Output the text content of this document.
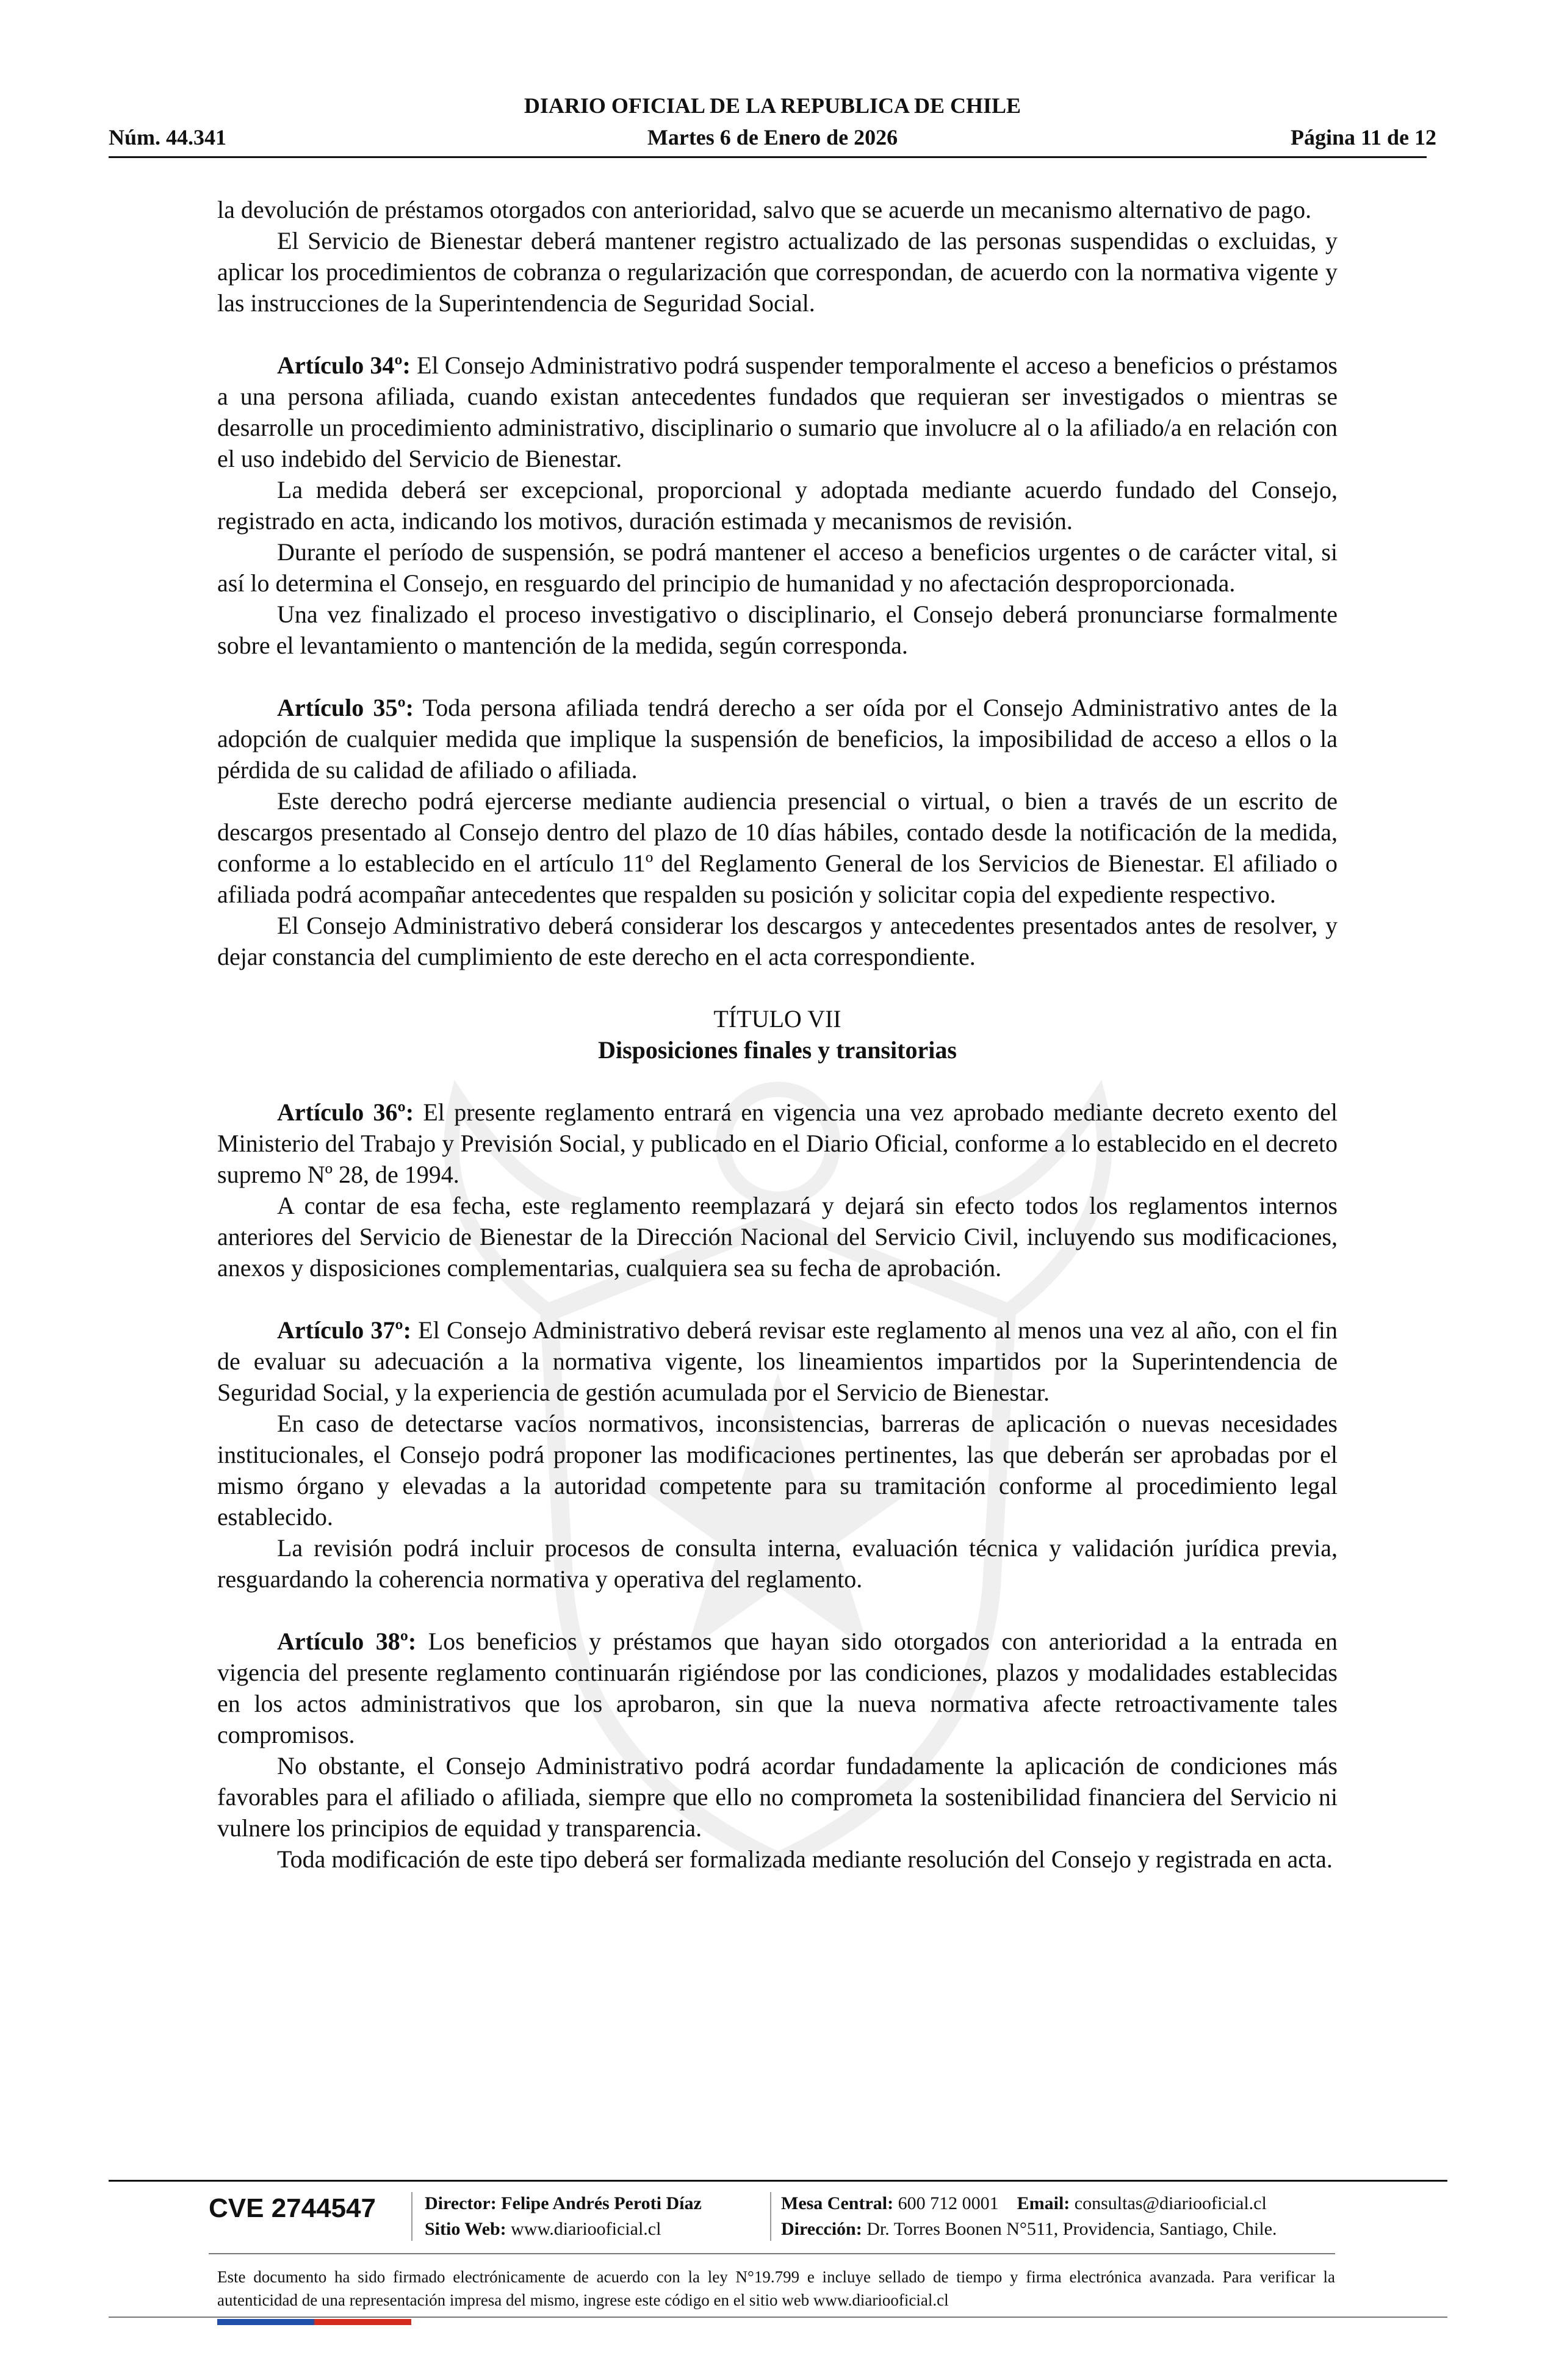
DIARIO OFICIAL DE LA REPUBLICA DE CHILE
Núm. 44.341	Martes 6 de Enero de 2026	Página 11 de 12

la devolución de préstamos otorgados con anterioridad, salvo que se acuerde un mecanismo alternativo de pago.

El Servicio de Bienestar deberá mantener registro actualizado de las personas suspendidas o excluidas, y aplicar los procedimientos de cobranza o regularización que correspondan, de acuerdo con la normativa vigente y las instrucciones de la Superintendencia de Seguridad Social.

Artículo 34º: El Consejo Administrativo podrá suspender temporalmente el acceso a beneficios o préstamos a una persona afiliada, cuando existan antecedentes fundados que requieran ser investigados o mientras se desarrolle un procedimiento administrativo, disciplinario o sumario que involucre al o la afiliado/a en relación con el uso indebido del Servicio de Bienestar.

La medida deberá ser excepcional, proporcional y adoptada mediante acuerdo fundado del Consejo, registrado en acta, indicando los motivos, duración estimada y mecanismos de revisión.

Durante el período de suspensión, se podrá mantener el acceso a beneficios urgentes o de carácter vital, si así lo determina el Consejo, en resguardo del principio de humanidad y no afectación desproporcionada.

Una vez finalizado el proceso investigativo o disciplinario, el Consejo deberá pronunciarse formalmente sobre el levantamiento o mantención de la medida, según corresponda.

Artículo 35º: Toda persona afiliada tendrá derecho a ser oída por el Consejo Administrativo antes de la adopción de cualquier medida que implique la suspensión de beneficios, la imposibilidad de acceso a ellos o la pérdida de su calidad de afiliado o afiliada.

Este derecho podrá ejercerse mediante audiencia presencial o virtual, o bien a través de un escrito de descargos presentado al Consejo dentro del plazo de 10 días hábiles, contado desde la notificación de la medida, conforme a lo establecido en el artículo 11º del Reglamento General de los Servicios de Bienestar. El afiliado o afiliada podrá acompañar antecedentes que respalden su posición y solicitar copia del expediente respectivo.

El Consejo Administrativo deberá considerar los descargos y antecedentes presentados antes de resolver, y dejar constancia del cumplimiento de este derecho en el acta correspondiente.

TÍTULO VII
Disposiciones finales y transitorias

Artículo 36º: El presente reglamento entrará en vigencia una vez aprobado mediante decreto exento del Ministerio del Trabajo y Previsión Social, y publicado en el Diario Oficial, conforme a lo establecido en el decreto supremo Nº 28, de 1994.

A contar de esa fecha, este reglamento reemplazará y dejará sin efecto todos los reglamentos internos anteriores del Servicio de Bienestar de la Dirección Nacional del Servicio Civil, incluyendo sus modificaciones, anexos y disposiciones complementarias, cualquiera sea su fecha de aprobación.

Artículo 37º: El Consejo Administrativo deberá revisar este reglamento al menos una vez al año, con el fin de evaluar su adecuación a la normativa vigente, los lineamientos impartidos por la Superintendencia de Seguridad Social, y la experiencia de gestión acumulada por el Servicio de Bienestar.

En caso de detectarse vacíos normativos, inconsistencias, barreras de aplicación o nuevas necesidades institucionales, el Consejo podrá proponer las modificaciones pertinentes, las que deberán ser aprobadas por el mismo órgano y elevadas a la autoridad competente para su tramitación conforme al procedimiento legal establecido.

La revisión podrá incluir procesos de consulta interna, evaluación técnica y validación jurídica previa, resguardando la coherencia normativa y operativa del reglamento.

Artículo 38º: Los beneficios y préstamos que hayan sido otorgados con anterioridad a la entrada en vigencia del presente reglamento continuarán rigiéndose por las condiciones, plazos y modalidades establecidas en los actos administrativos que los aprobaron, sin que la nueva normativa afecte retroactivamente tales compromisos.

No obstante, el Consejo Administrativo podrá acordar fundadamente la aplicación de condiciones más favorables para el afiliado o afiliada, siempre que ello no comprometa la sostenibilidad financiera del Servicio ni vulnere los principios de equidad y transparencia.

Toda modificación de este tipo deberá ser formalizada mediante resolución del Consejo y registrada en acta.

CVE 2744547	Director: Felipe Andrés Peroti Díaz
Sitio Web: www.diariooficial.cl
Mesa Central: 600 712 0001 Email: consultas@diariooficial.cl
Dirección: Dr. Torres Boonen N°511, Providencia, Santiago, Chile.
Este documento ha sido firmado electrónicamente de acuerdo con la ley N°19.799 e incluye sellado de tiempo y firma electrónica avanzada. Para verificar la autenticidad de una representación impresa del mismo, ingrese este código en el sitio web www.diariooficial.cl
